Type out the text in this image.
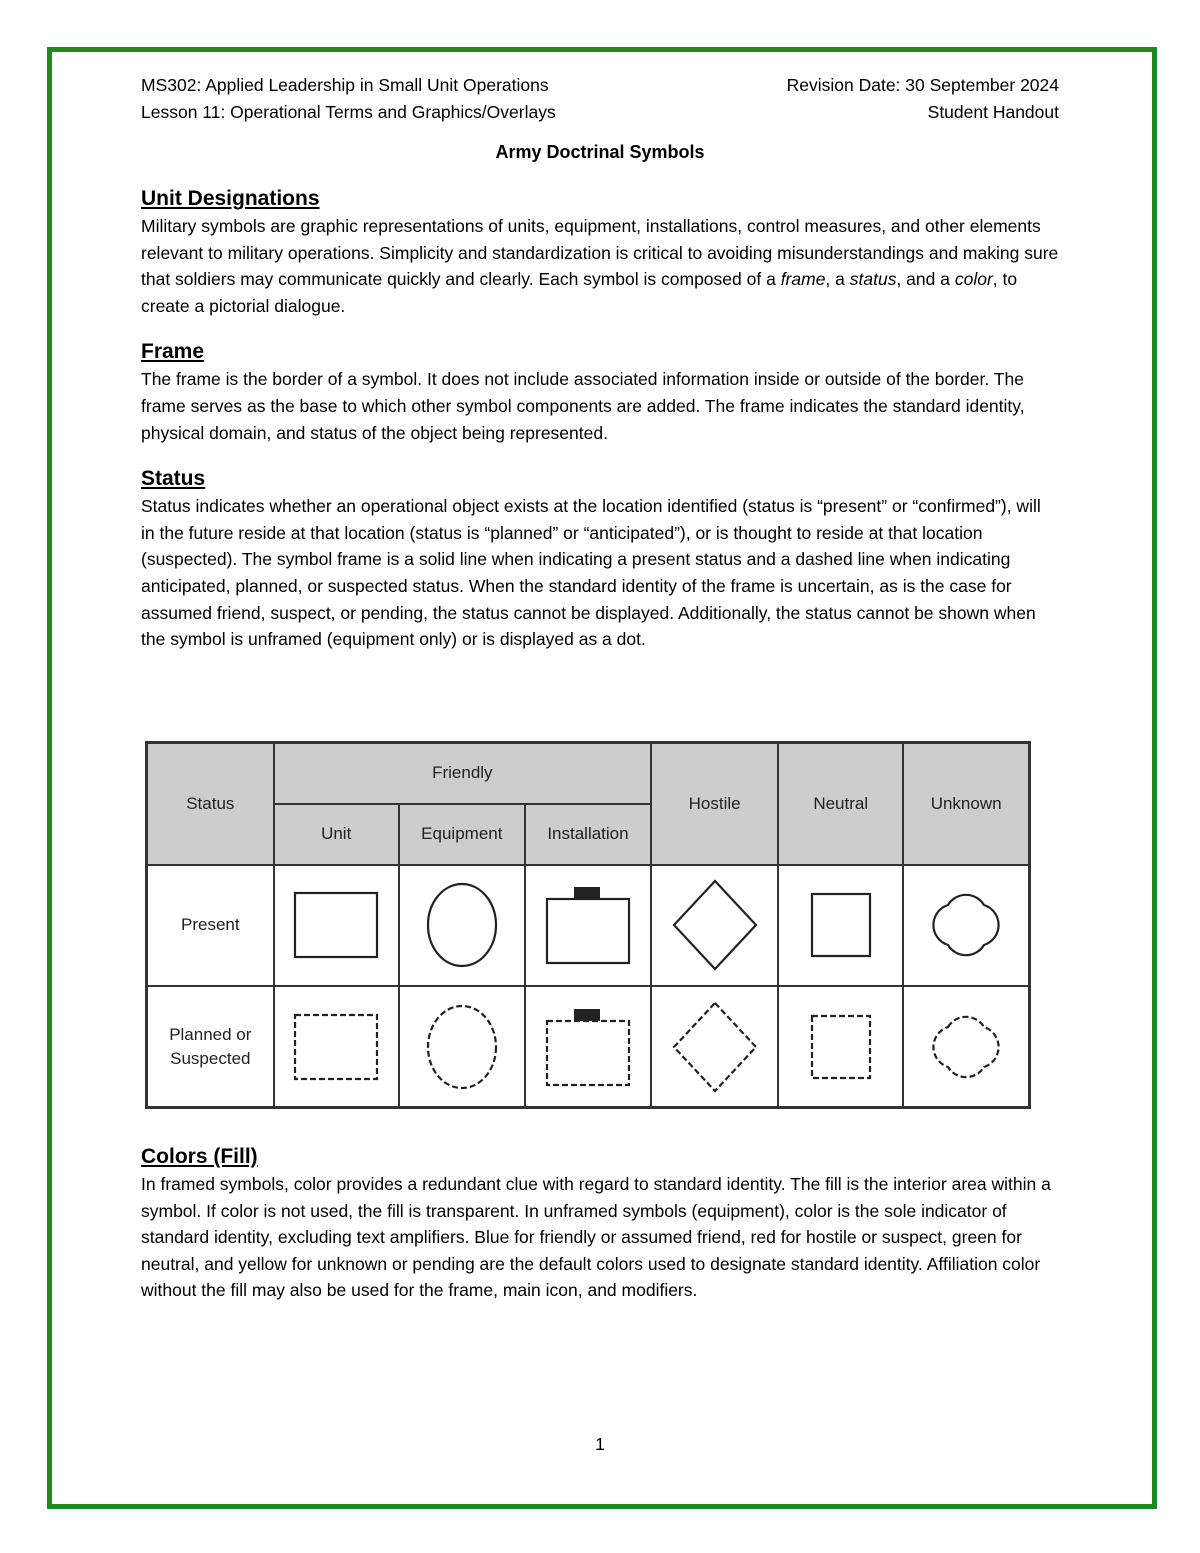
MS302: Applied Leadership in Small Unit Operations
Lesson 11: Operational Terms and Graphics/Overlays
Revision Date: 30 September 2024
Student Handout
Army Doctrinal Symbols
Unit Designations

Military symbols are graphic representations of units, equipment, installations, control measures, and other elements relevant to military operations. Simplicity and standardization is critical to avoiding misunderstandings and making sure that soldiers may communicate quickly and clearly. Each symbol is composed of a frame, a status, and a color, to create a pictorial dialogue.

Frame

The frame is the border of a symbol. It does not include associated information inside or outside of the border. The frame serves as the base to which other symbol components are added. The frame indicates the standard identity, physical domain, and status of the object being represented.

Status

Status indicates whether an operational object exists at the location identified (status is “present” or “confirmed”), will in the future reside at that location (status is “planned” or “anticipated”), or is thought to reside at that location (suspected). The symbol frame is a solid line when indicating a present status and a dashed line when indicating anticipated, planned, or suspected status. When the standard identity of the frame is uncertain, as is the case for assumed friend, suspect, or pending, the status cannot be displayed. Additionally, the status cannot be shown when the symbol is unframed (equipment only) or is displayed as a dot.

Status	Friendly			Hostile	Neutral	Unknown
	Unit	Equipment	Installation			
Present	

Planned or
Suspected

Colors (Fill)

In framed symbols, color provides a redundant clue with regard to standard identity. The fill is the interior area within a symbol. If color is not used, the fill is transparent. In unframed symbols (equipment), color is the sole indicator of standard identity, excluding text amplifiers. Blue for friendly or assumed friend, red for hostile or suspect, green for neutral, and yellow for unknown or pending are the default colors used to designate standard identity. Affiliation color without the fill may also be used for the frame, main icon, and modifiers.

1
